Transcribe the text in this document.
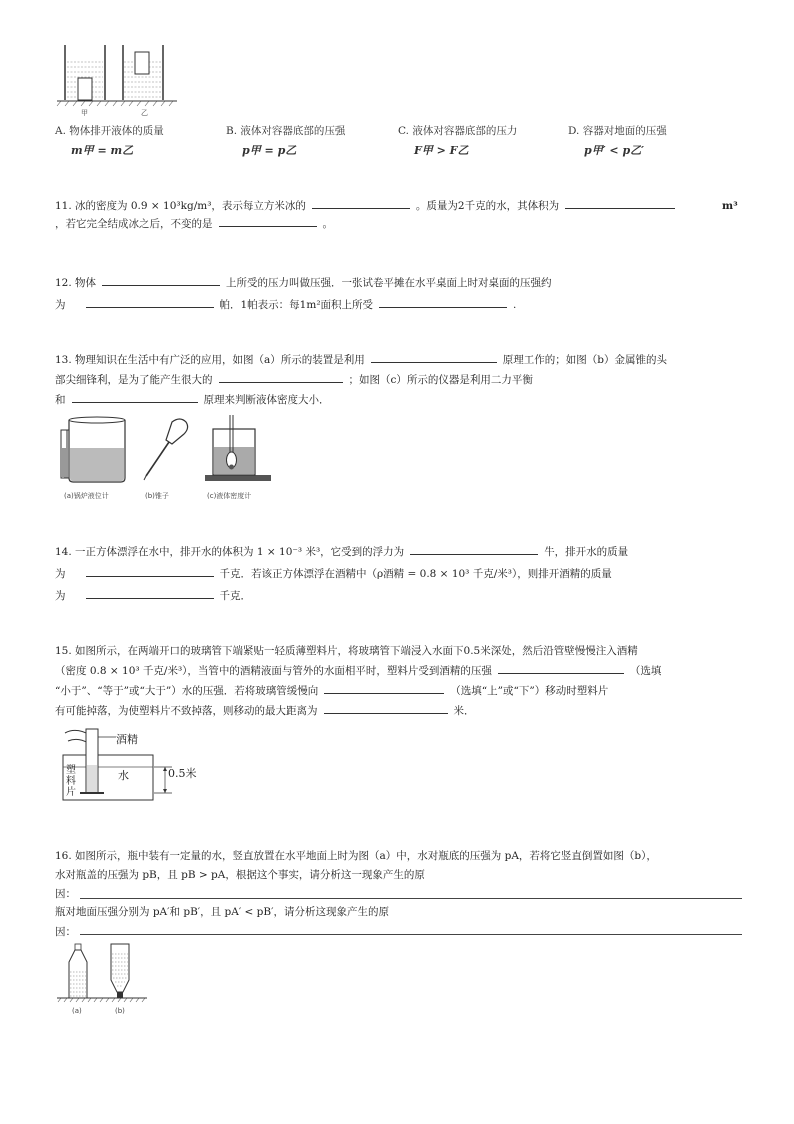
甲	乙
A. 物体排开液体的质量
m甲 = m乙
B. 液体对容器底部的压强
p甲 = p乙
C. 液体对容器底部的压力
F甲 > F乙
D. 容器对地面的压强
p甲′ < p乙′
11. 冰的密度为 0.9 × 10³kg/m³，表示每立方米冰的	。质量为2千克的水，其体积为	m³
，若它完全结成冰之后，不变的是	。
12. 物体	上所受的压力叫做压强．一张试卷平摊在水平桌面上时对桌面的压强约
为	帕．1帕表示：每1m²面积上所受	.
13. 物理知识在生活中有广泛的应用，如图（a）所示的装置是利用	原理工作的；如图（b）金属锥的头
部尖细锋利，是为了能产生很大的	；如图（c）所示的仪器是利用二力平衡
和	原理来判断液体密度大小．
(a)锅炉液位计	(b)锥子	(c)液体密度计
14. 一正方体漂浮在水中，排开水的体积为 1 × 10⁻³ 米³，它受到的浮力为	牛，排开水的质量
为	千克．若该正方体漂浮在酒精中（ρ酒精 = 0.8 × 10³ 千克/米³），则排开酒精的质量
为	千克．
15. 如图所示，在两端开口的玻璃管下端紧贴一轻质薄塑料片，将玻璃管下端浸入水面下0.5米深处，然后沿管壁慢慢注入酒精
（密度 0.8 × 10³ 千克/米³），当管中的酒精液面与管外的水面相平时，塑料片受到酒精的压强	（选填
“小于”、“等于”或“大于”）水的压强．若将玻璃管缓慢向	（选填“上”或“下”）移动时塑料片
有可能掉落，为使塑料片不致掉落，则移动的最大距离为	米．
酒精
水	0.5米
塑 料 片
16. 如图所示，瓶中装有一定量的水，竖直放置在水平地面上时为图（a）中，水对瓶底的压强为 pA，若将它竖直倒置如图（b），
水对瓶盖的压强为 pB，且 pB > pA，根据这个事实，请分析这一现象产生的原
因：
瓶对地面压强分别为 pA′和 pB′，且 pA′ < pB′，请分析这现象产生的原
因：
(a)	(b)
